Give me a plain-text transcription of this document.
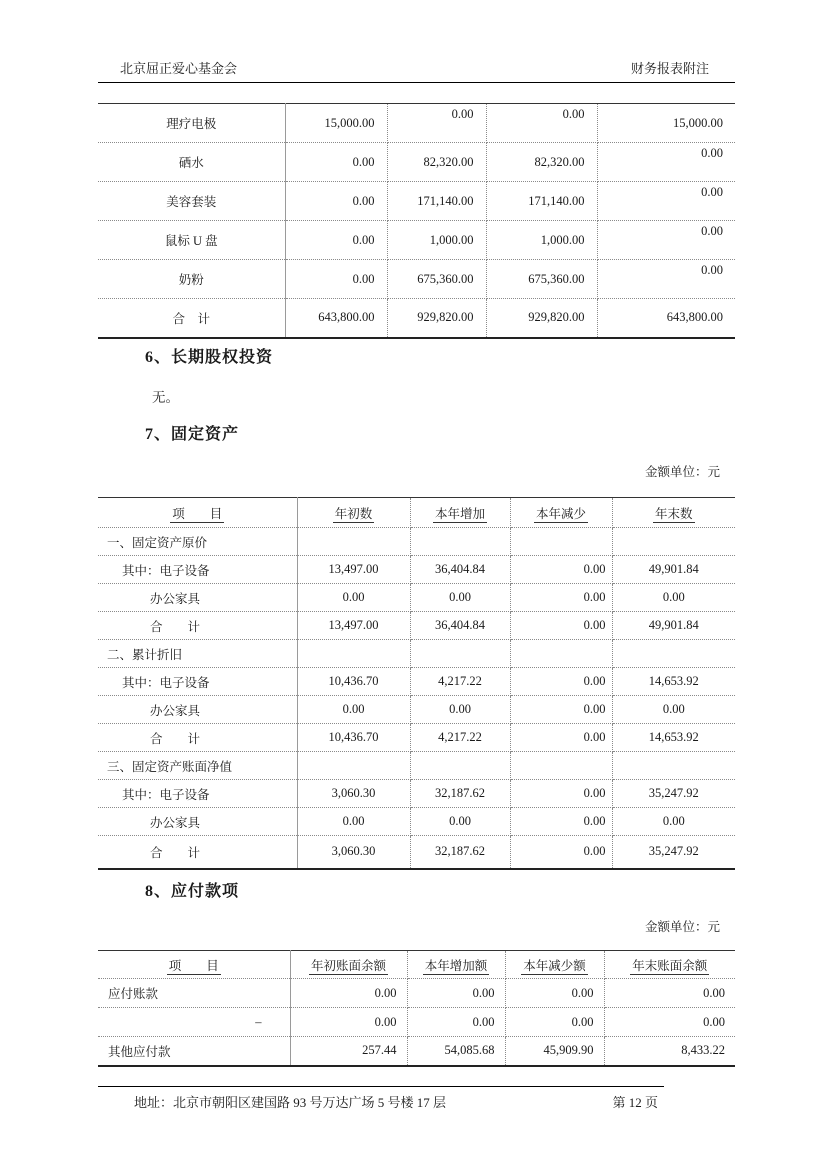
北京屈正爱心基金会	财务报表附注
理疗电极	15,000.00	0.00	0.00	15,000.00
硒水	0.00	82,320.00	82,320.00	0.00
美容套装	0.00	171,140.00	171,140.00	0.00
鼠标 U 盘	0.00	1,000.00	1,000.00	0.00
奶粉	0.00	675,360.00	675,360.00	0.00
合　计	643,800.00	929,820.00	929,820.00	643,800.00
6、长期股权投资
无。
7、固定资产
金额单位：元
项　　目	年初数	本年增加	本年减少	年末数
一、固定资产原价				
其中：电子设备	13,497.00	36,404.84	0.00	49,901.84
办公家具	0.00	0.00	0.00	0.00
合　　计	13,497.00	36,404.84	0.00	49,901.84
二、累计折旧				
其中：电子设备	10,436.70	4,217.22	0.00	14,653.92
办公家具	0.00	0.00	0.00	0.00
合　　计	10,436.70	4,217.22	0.00	14,653.92
三、固定资产账面净值				
其中：电子设备	3,060.30	32,187.62	0.00	35,247.92
办公家具	0.00	0.00	0.00	0.00
合　　计	3,060.30	32,187.62	0.00	35,247.92
8、应付款项
金额单位：元
项　　目	年初账面余额	本年增加额	本年减少额	年末账面余额
应付账款	0.00	0.00	0.00	0.00
–	0.00	0.00	0.00	0.00
其他应付款	257.44	54,085.68	45,909.90	8,433.22
地址：北京市朝阳区建国路 93 号万达广场 5 号楼 17 层	第 12 页
